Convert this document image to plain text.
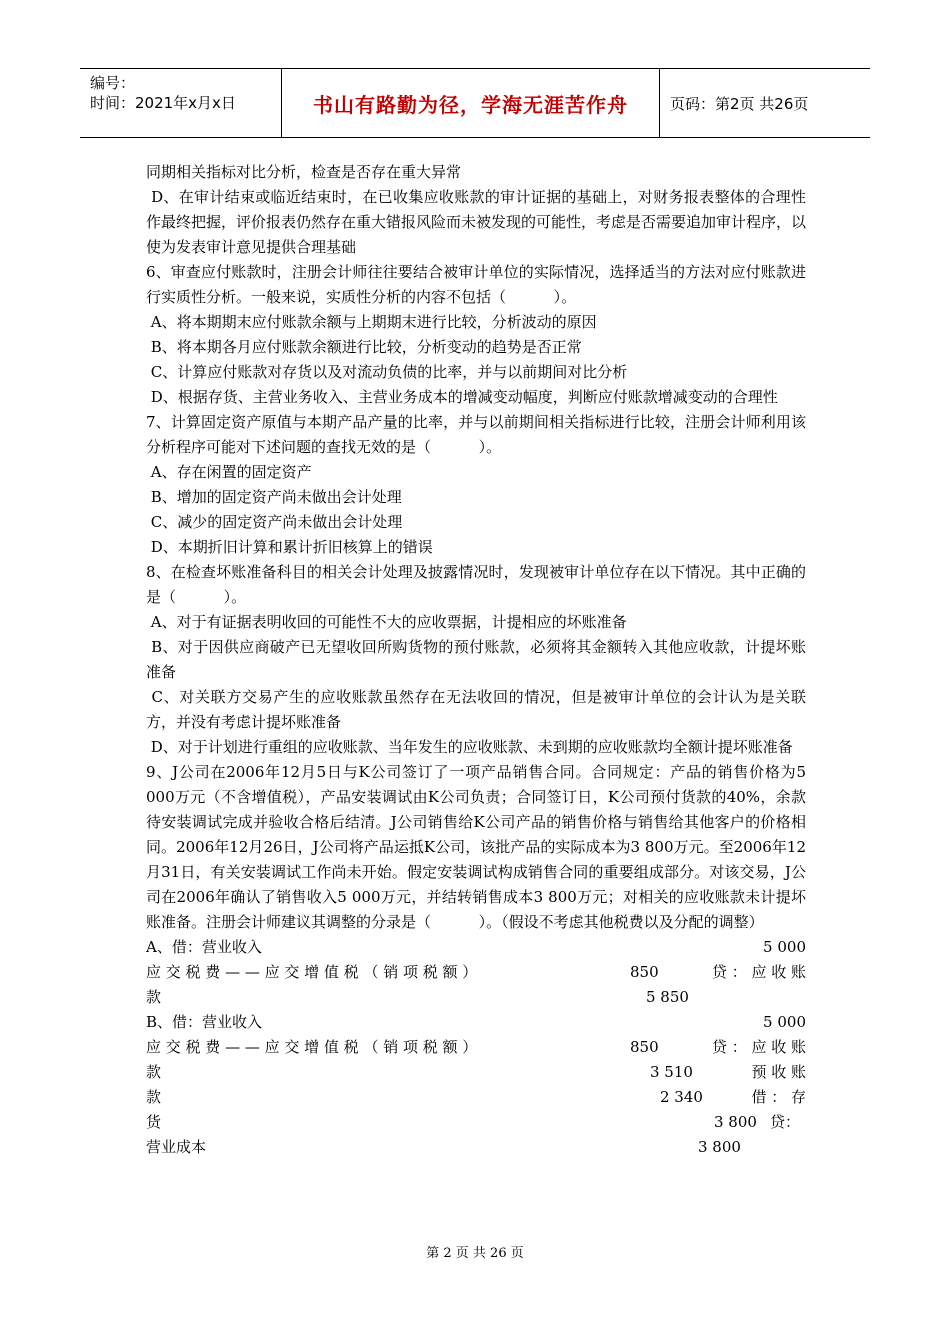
编号：
时间：2021年x月x日	书山有路勤为径，学海无涯苦作舟	页码：第2页 共26页

同期相关指标对比分析，检查是否存在重大异常

D、在审计结束或临近结束时，在已收集应收账款的审计证据的基础上，对财务报表整体的合理性作最终把握，评价报表仍然存在重大错报风险而未被发现的可能性，考虑是否需要追加审计程序，以使为发表审计意见提供合理基础

6、审查应付账款时，注册会计师往往要结合被审计单位的实际情况，选择适当的方法对应付账款进行实质性分析。一般来说，实质性分析的内容不包括（          ）。

A、将本期期末应付账款余额与上期期末进行比较，分析波动的原因

B、将本期各月应付账款余额进行比较，分析变动的趋势是否正常

C、计算应付账款对存货以及对流动负债的比率，并与以前期间对比分析

D、根据存货、主营业务收入、主营业务成本的增减变动幅度，判断应付账款增减变动的合理性

7、计算固定资产原值与本期产品产量的比率，并与以前期间相关指标进行比较，注册会计师利用该分析程序可能对下述问题的查找无效的是（          ）。

A、存在闲置的固定资产

B、增加的固定资产尚未做出会计处理

C、减少的固定资产尚未做出会计处理

D、本期折旧计算和累计折旧核算上的错误

8、在检查坏账准备科目的相关会计处理及披露情况时，发现被审计单位存在以下情况。其中正确的是（          ）。

A、对于有证据表明收回的可能性不大的应收票据，计提相应的坏账准备

B、对于因供应商破产已无望收回所购货物的预付账款，必须将其金额转入其他应收款，计提坏账准备

C、对关联方交易产生的应收账款虽然存在无法收回的情况，但是被审计单位的会计认为是关联方，并没有考虑计提坏账准备

D、对于计划进行重组的应收账款、当年发生的应收账款、未到期的应收账款均全额计提坏账准备

9、J公司在2006年12月5日与K公司签订了一项产品销售合同。合同规定：产品的销售价格为5 000万元（不含增值税），产品安装调试由K公司负责；合同签订日，K公司预付货款的40%，余款待安装调试完成并验收合格后结清。J公司销售给K公司产品的销售价格与销售给其他客户的价格相同。2006年12月26日，J公司将产品运抵K公司，该批产品的实际成本为3 800万元。至2006年12月31日，有关安装调试工作尚未开始。假定安装调试构成销售合同的重要组成部分。对该交易，J公司在2006年确认了销售收入5 000万元，并结转销售成本3 800万元；对相关的应收账款未计提坏账准备。注册会计师建议其调整的分录是（          ）。（假设不考虑其他税费以及分配的调整）

A、借：营业收入	5 000
应 交 税 费 — — 应 交 增 值 税 （ 销 项 税 额 ）	850	贷 ： 应 收 账
款	5 850
B、借：营业收入	5 000
应 交 税 费 — — 应 交 增 值 税 （ 销 项 税 额 ）	850	贷 ： 应 收 账
款	3 510	预 收 账
款	2 340	借 ： 存
货	3 800 贷：
营业成本	3 800
第 2 页 共 26 页
